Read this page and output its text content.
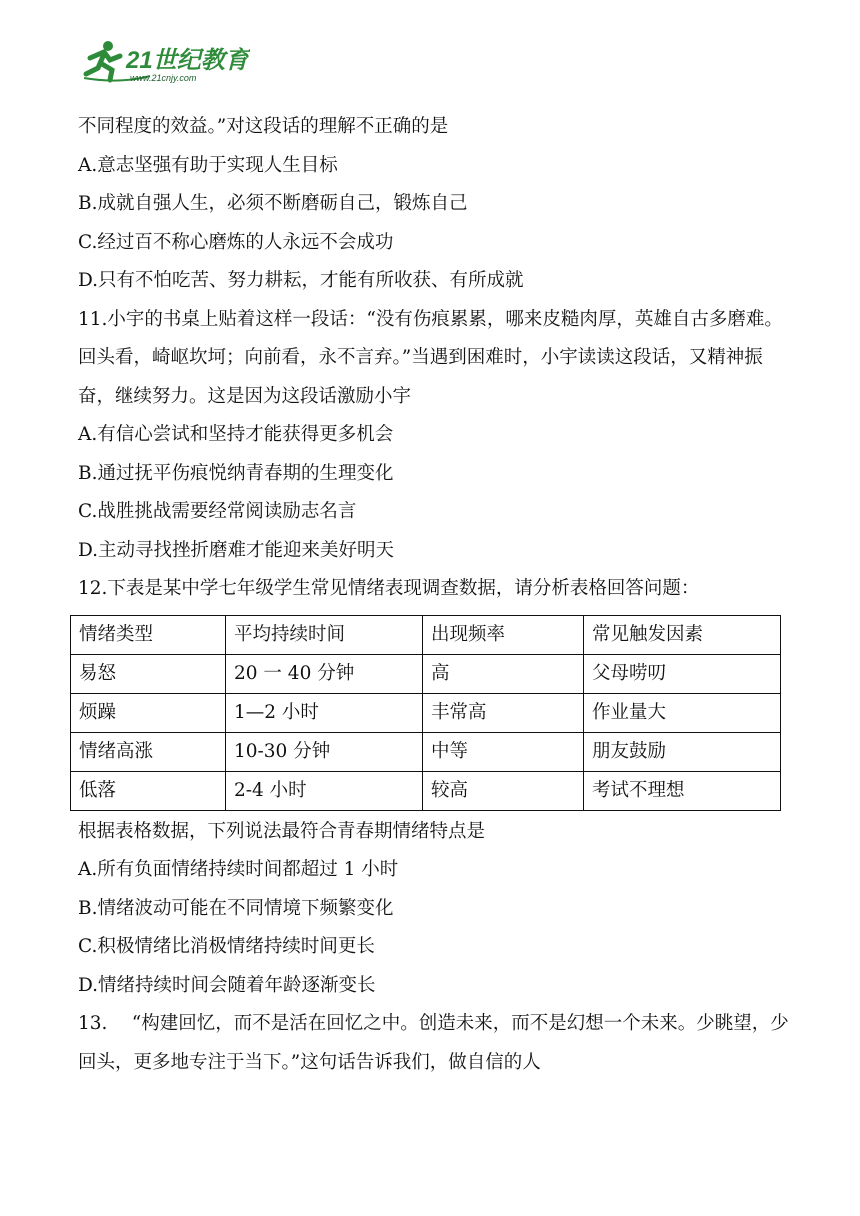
21世纪教育
www.21cnjy.com
不同程度的效益。”对这段话的理解不正确的是
A.意志坚强有助于实现人生目标
B.成就自强人生，必须不断磨砺自己，锻炼自己
C.经过百不称心磨炼的人永远不会成功
D.只有不怕吃苦、努力耕耘，才能有所收获、有所成就
11.小宇的书桌上贴着这样一段话：“没有伤痕累累，哪来皮糙肉厚，英雄自古多磨难。回头看，崎岖坎坷；向前看，永不言弃。”当遇到困难时，小宇读读这段话，又精神振奋，继续努力。这是因为这段话激励小宇
A.有信心尝试和坚持才能获得更多机会
B.通过抚平伤痕悦纳青春期的生理变化
C.战胜挑战需要经常阅读励志名言
D.主动寻找挫折磨难才能迎来美好明天
12.下表是某中学七年级学生常见情绪表现调查数据，请分析表格回答问题：
情绪类型	平均持续时间	出现频率	常见触发因素
易怒	20 一 40 分钟	高	父母唠叨
烦躁	1—2 小时	丰常高	作业量大
情绪高涨	10-30 分钟	中等	朋友鼓励
低落	2-4 小时	较高	考试不理想
根据表格数据，下列说法最符合青春期情绪特点是
A.所有负面情绪持续时间都超过 1 小时
B.情绪波动可能在不同情境下频繁变化
C.积极情绪比消极情绪持续时间更长
D.情绪持续时间会随着年龄逐渐变长
13.　 “构建回忆，而不是活在回忆之中。创造未来，而不是幻想一个未来。少眺望，少回头，更多地专注于当下。”这句话告诉我们，做自信的人
